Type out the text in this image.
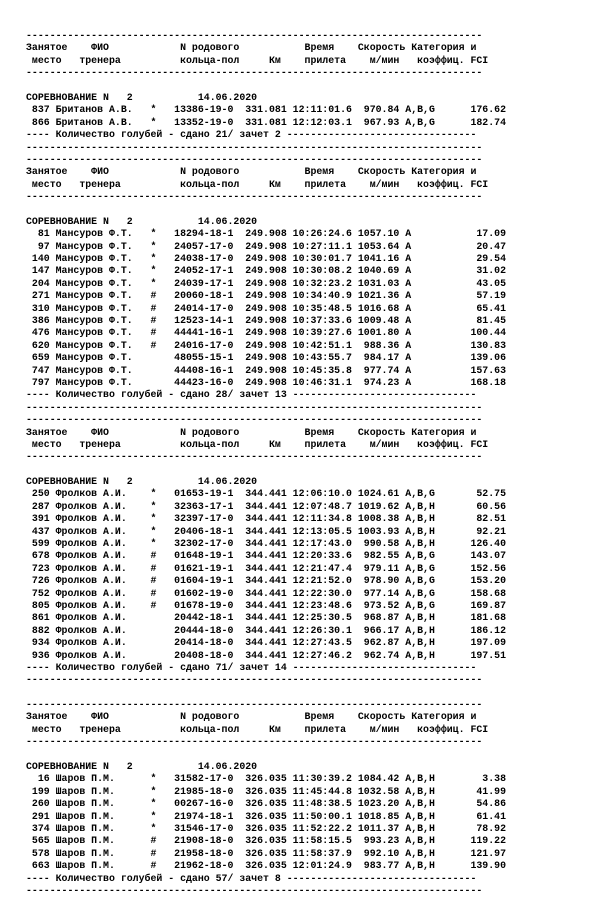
-----------------------------------------------------------------------------
Занятое    ФИО            N родового           Время    Скорость Категория и
место   тренера          кольца-пол     Км    прилета    м/мин   коэффиц. FCI
-----------------------------------------------------------------------------
СОРЕВНОВАНИЕ N   2           14.06.2020
837 Британов А.В.   *   13386-19-0  331.081 12:11:01.6  970.84 A,B,G      176.62
866 Британов А.В.   *   13352-19-0  331.081 12:12:03.1  967.93 A,B,G      182.74
---- Количество голубей - сдано 21/ зачет 2 --------------------------------
-----------------------------------------------------------------------------
-----------------------------------------------------------------------------
Занятое    ФИО            N родового           Время    Скорость Категория и
место   тренера          кольца-пол     Км    прилета    м/мин   коэффиц. FCI
-----------------------------------------------------------------------------
СОРЕВНОВАНИЕ N   2           14.06.2020
81 Мансуров Ф.Т.   *   18294-18-1  249.908 10:26:24.6 1057.10 A           17.09
97 Мансуров Ф.Т.   *   24057-17-0  249.908 10:27:11.1 1053.64 A           20.47
140 Мансуров Ф.Т.   *   24038-17-0  249.908 10:30:01.7 1041.16 A           29.54
147 Мансуров Ф.Т.   *   24052-17-1  249.908 10:30:08.2 1040.69 A           31.02
204 Мансуров Ф.Т.   *   24039-17-1  249.908 10:32:23.2 1031.03 A           43.05
271 Мансуров Ф.Т.   #   20060-18-1  249.908 10:34:40.9 1021.36 A           57.19
310 Мансуров Ф.Т.   #   24014-17-0  249.908 10:35:48.5 1016.68 A           65.41
386 Мансуров Ф.Т.   #   12523-14-1  249.908 10:37:33.6 1009.48 A           81.45
476 Мансуров Ф.Т.   #   44441-16-1  249.908 10:39:27.6 1001.80 A          100.44
620 Мансуров Ф.Т.   #   24016-17-0  249.908 10:42:51.1  988.36 A          130.83
659 Мансуров Ф.Т.       48055-15-1  249.908 10:43:55.7  984.17 A          139.06
747 Мансуров Ф.Т.       44408-16-1  249.908 10:45:35.8  977.74 A          157.63
797 Мансуров Ф.Т.       44423-16-0  249.908 10:46:31.1  974.23 A          168.18
---- Количество голубей - сдано 28/ зачет 13 -------------------------------
-----------------------------------------------------------------------------
-----------------------------------------------------------------------------
Занятое    ФИО            N родового           Время    Скорость Категория и
место   тренера          кольца-пол     Км    прилета    м/мин   коэффиц. FCI
-----------------------------------------------------------------------------
СОРЕВНОВАНИЕ N   2           14.06.2020
250 Фролков А.И.    *   01653-19-1  344.441 12:06:10.0 1024.61 A,B,G       52.75
287 Фролков А.И.    *   32363-17-1  344.441 12:07:48.7 1019.62 A,B,H       60.56
391 Фролков А.И.    *   32397-17-0  344.441 12:11:34.8 1008.38 A,B,H       82.51
437 Фролков А.И.    *   20406-18-1  344.441 12:13:05.5 1003.93 A,B,H       92.21
599 Фролков А.И.    *   32302-17-0  344.441 12:17:43.0  990.58 A,B,H      126.40
678 Фролков А.И.    #   01648-19-1  344.441 12:20:33.6  982.55 A,B,G      143.07
723 Фролков А.И.    #   01621-19-1  344.441 12:21:47.4  979.11 A,B,G      152.56
726 Фролков А.И.    #   01604-19-1  344.441 12:21:52.0  978.90 A,B,G      153.20
752 Фролков А.И.    #   01602-19-0  344.441 12:22:30.0  977.14 A,B,G      158.68
805 Фролков А.И.    #   01678-19-0  344.441 12:23:48.6  973.52 A,B,G      169.87
861 Фролков А.И.        20442-18-1  344.441 12:25:30.5  968.87 A,B,H      181.68
882 Фролков А.И.        20444-18-0  344.441 12:26:30.1  966.17 A,B,H      186.12
934 Фролков А.И.        20414-18-0  344.441 12:27:43.5  962.87 A,B,H      197.09
936 Фролков А.И.        20408-18-0  344.441 12:27:46.2  962.74 A,B,H      197.51
---- Количество голубей - сдано 71/ зачет 14 -------------------------------
-----------------------------------------------------------------------------
-----------------------------------------------------------------------------
Занятое    ФИО            N родового           Время    Скорость Категория и
место   тренера          кольца-пол     Км    прилета    м/мин   коэффиц. FCI
-----------------------------------------------------------------------------
СОРЕВНОВАНИЕ N   2           14.06.2020
16 Шаров П.М.      *   31582-17-0  326.035 11:30:39.2 1084.42 A,B,H        3.38
199 Шаров П.М.      *   21985-18-0  326.035 11:45:44.8 1032.58 A,B,H       41.99
260 Шаров П.М.      *   00267-16-0  326.035 11:48:38.5 1023.20 A,B,H       54.86
291 Шаров П.М.      *   21974-18-1  326.035 11:50:00.1 1018.85 A,B,H       61.41
374 Шаров П.М.      *   31546-17-0  326.035 11:52:22.2 1011.37 A,B,H       78.92
565 Шаров П.М.      #   21908-18-0  326.035 11:58:15.5  993.23 A,B,H      119.22
578 Шаров П.М.      #   21958-18-0  326.035 11:58:37.9  992.10 A,B,H      121.97
663 Шаров П.М.      #   21962-18-0  326.035 12:01:24.9  983.77 A,B,H      139.90
---- Количество голубей - сдано 57/ зачет 8 --------------------------------
-----------------------------------------------------------------------------
